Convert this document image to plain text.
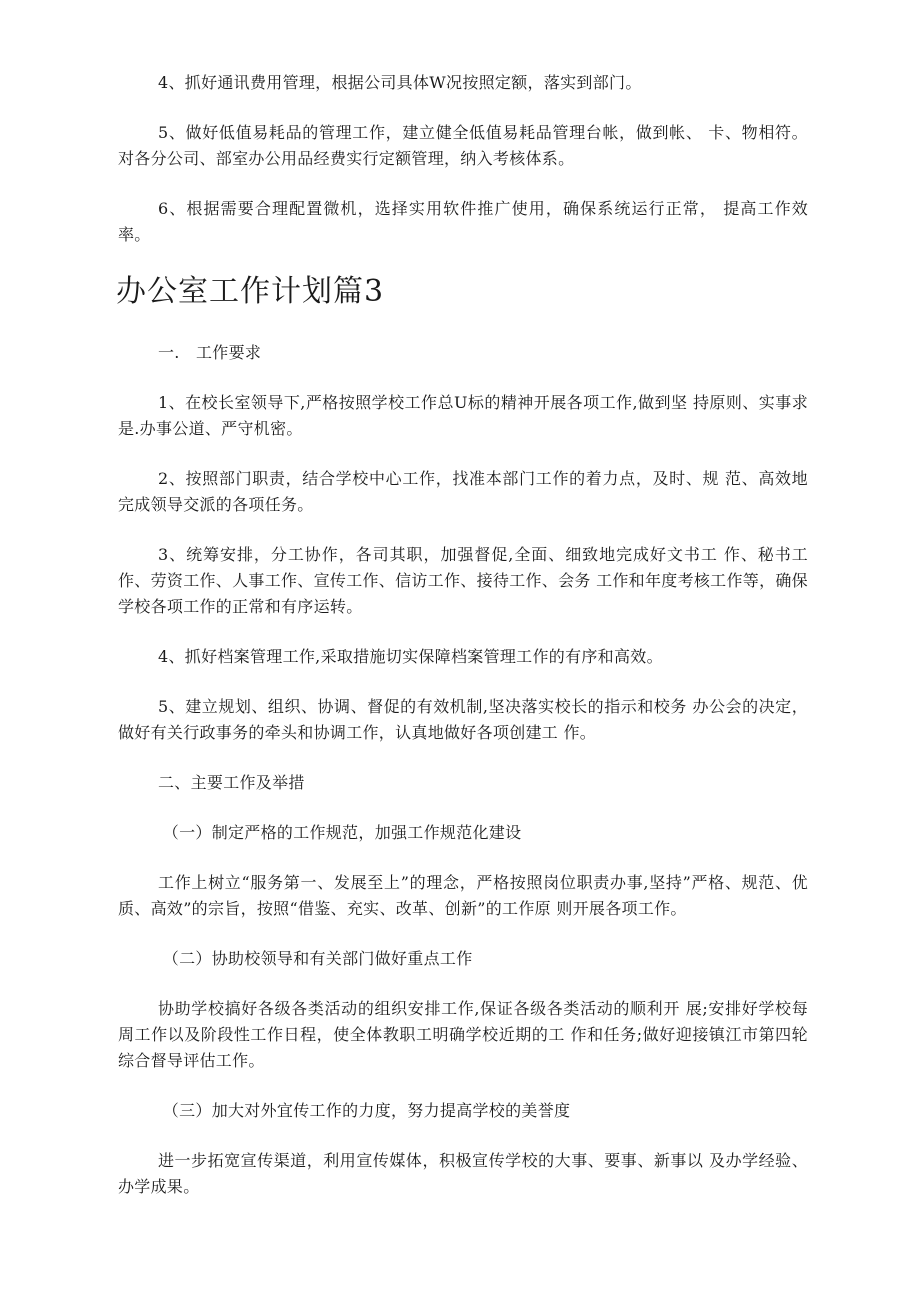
4、抓好通讯费用管理，根据公司具体W况按照定额，落实到部门。

5、做好低值易耗品的管理工作，建立健全低值易耗品管理台帐，做到帐、 卡、物相符。对各分公司、部室办公用品经费实行定额管理，纳入考核体系。

6、根据需要合理配置微机，选择实用软件推广使用，确保系统运行正常， 提高工作效率。

办公室工作计划篇3

一.　工作要求

1、在校长室领导下,严格按照学校工作总U标的精神开展各项工作,做到坚 持原则、实事求是.办事公道、严守机密。

2、按照部门职责，结合学校中心工作，找准本部门工作的着力点，及时、规 范、高效地完成领导交派的各项任务。

3、统筹安排，分工协作，各司其职，加强督促,全面、细致地完成好文书工 作、秘书工作、劳资工作、人事工作、宣传工作、信访工作、接待工作、会务 工作和年度考核工作等，确保学校各项工作的正常和有序运转。

4、抓好档案管理工作,采取措施切实保障档案管理工作的有序和高效。

5、建立规划、组织、协调、督促的有效机制,坚决落实校长的指示和校务 办公会的决定，做好有关行政事务的牵头和协调工作，认真地做好各项创建工 作。

二、主要工作及举措

（一）制定严格的工作规范，加强工作规范化建设

工作上树立“服务第一、发展至上”的理念，严格按照岗位职责办事,坚持”严格、规范、优质、高效”的宗旨，按照“借鉴、充实、改革、创新”的工作原 则开展各项工作。

（二）协助校领导和有关部门做好重点工作

协助学校搞好各级各类活动的组织安排工作,保证各级各类活动的顺利开 展;安排好学校每周工作以及阶段性工作日程，使全体教职工明确学校近期的工 作和任务;做好迎接镇江市第四轮综合督导评估工作。

（三）加大对外宜传工作的力度，努力提高学校的美誉度

进一步拓宽宣传渠道，利用宣传媒体，积极宣传学校的大事、要事、新事以 及办学经验、办学成果。
